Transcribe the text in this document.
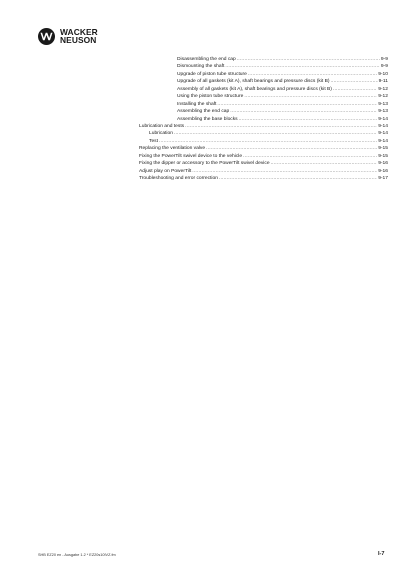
WACKER
NEUSON
Disassembling the end cap .....	9-9
Dismounting the shaft .....	9-9
Upgrade of piston tube structure .....	9-10
Upgrade of all gaskets (kit A), shaft bearings and pressure discs (kit B) .....	9-11
Assembly of all gaskets (kit A), shaft bearings and pressure discs (kit B) .....	9-12
Using the piston tube structure .....	9-12
Installing the shaft .....	9-13
Assembling the end cap .....	9-13
Assembling the base blocks .....	9-14
Lubrication and tests .....	9-14
Lubrication .....	9-14
Test .....	9-14
Replacing the ventilation valve .....	9-15
Fixing the PowerTilt swivel device to the vehicle .....	9-15
Fixing the dipper or accessory to the PowerTilt swivel device .....	9-16
Adjust play on PowerTilt .....	9-16
Troubleshooting and error correction .....	9-17
SHB EZ20 en - Ausgabe 1.2 * EZ20s10IVZ.fm	I-7
